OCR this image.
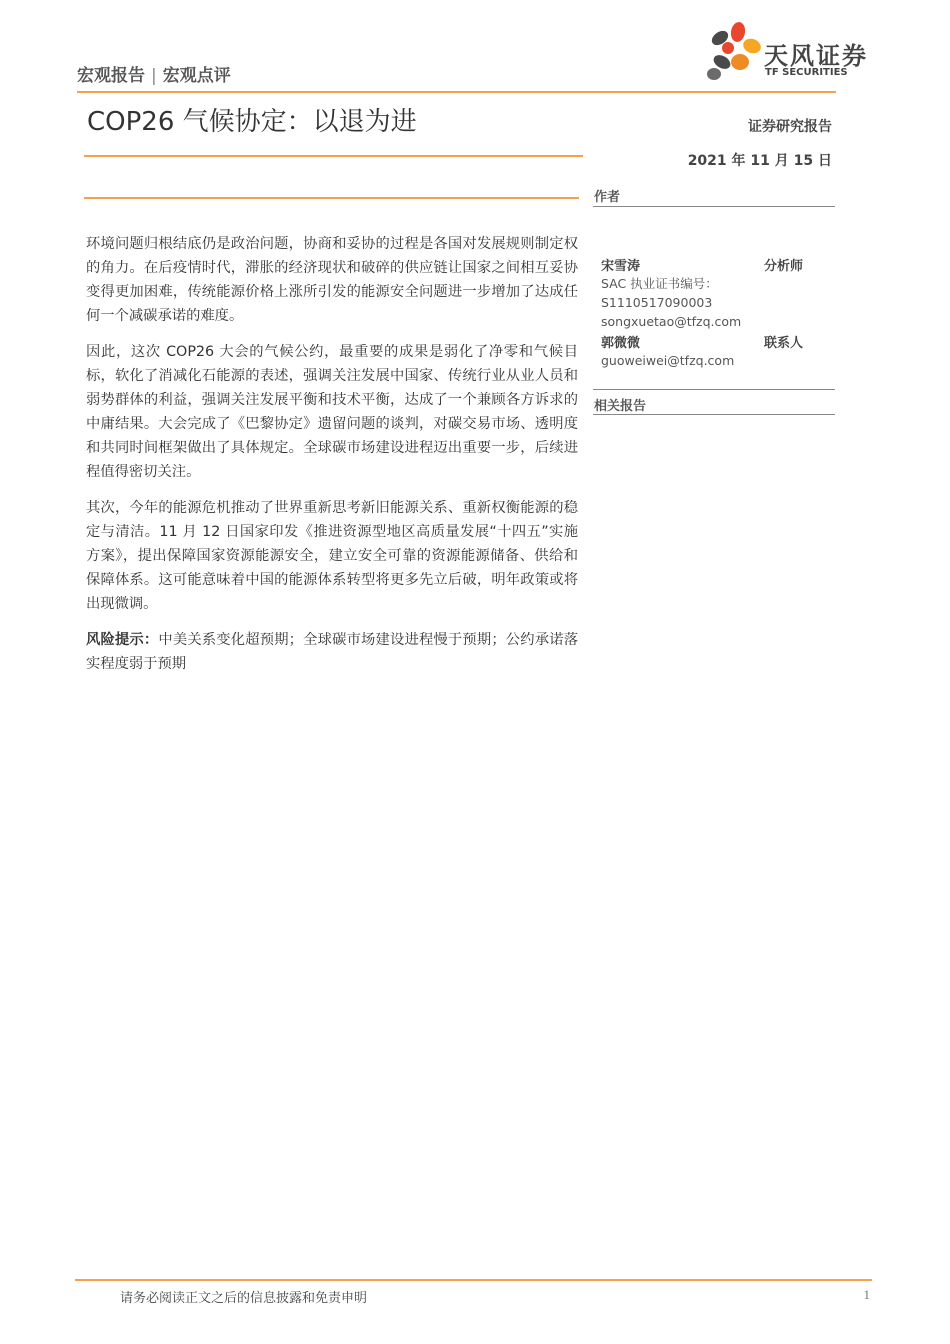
宏观报告 | 宏观点评
天风证券
TF SECURITIES
COP26 气候协定：以退为进	证券研究报告
2021 年 11 月 15 日

环境问题归根结底仍是政治问题，协商和妥协的过程是各国对发展规则制定权的角力。在后疫情时代，滞胀的经济现状和破碎的供应链让国家之间相互妥协变得更加困难，传统能源价格上涨所引发的能源安全问题进一步增加了达成任何一个减碳承诺的难度。

因此，这次 COP26 大会的气候公约，最重要的成果是弱化了净零和气候目标，软化了消减化石能源的表述，强调关注发展中国家、传统行业从业人员和弱势群体的利益，强调关注发展平衡和技术平衡，达成了一个兼顾各方诉求的中庸结果。大会完成了《巴黎协定》遗留问题的谈判，对碳交易市场、透明度和共同时间框架做出了具体规定。全球碳市场建设进程迈出重要一步，后续进程值得密切关注。

其次，今年的能源危机推动了世界重新思考新旧能源关系、重新权衡能源的稳定与清洁。11 月 12 日国家印发《推进资源型地区高质量发展“十四五”实施方案》，提出保障国家资源能源安全，建立安全可靠的资源能源储备、供给和保障体系。这可能意味着中国的能源体系转型将更多先立后破，明年政策或将出现微调。

风险提示：中美关系变化超预期；全球碳市场建设进程慢于预期；公约承诺落实程度弱于预期

作者
宋雪涛	分析师
SAC 执业证书编号：
S1110517090003
songxuetao@tfzq.com
郭微微	联系人
guoweiwei@tfzq.com
相关报告
请务必阅读正文之后的信息披露和免责申明	1
